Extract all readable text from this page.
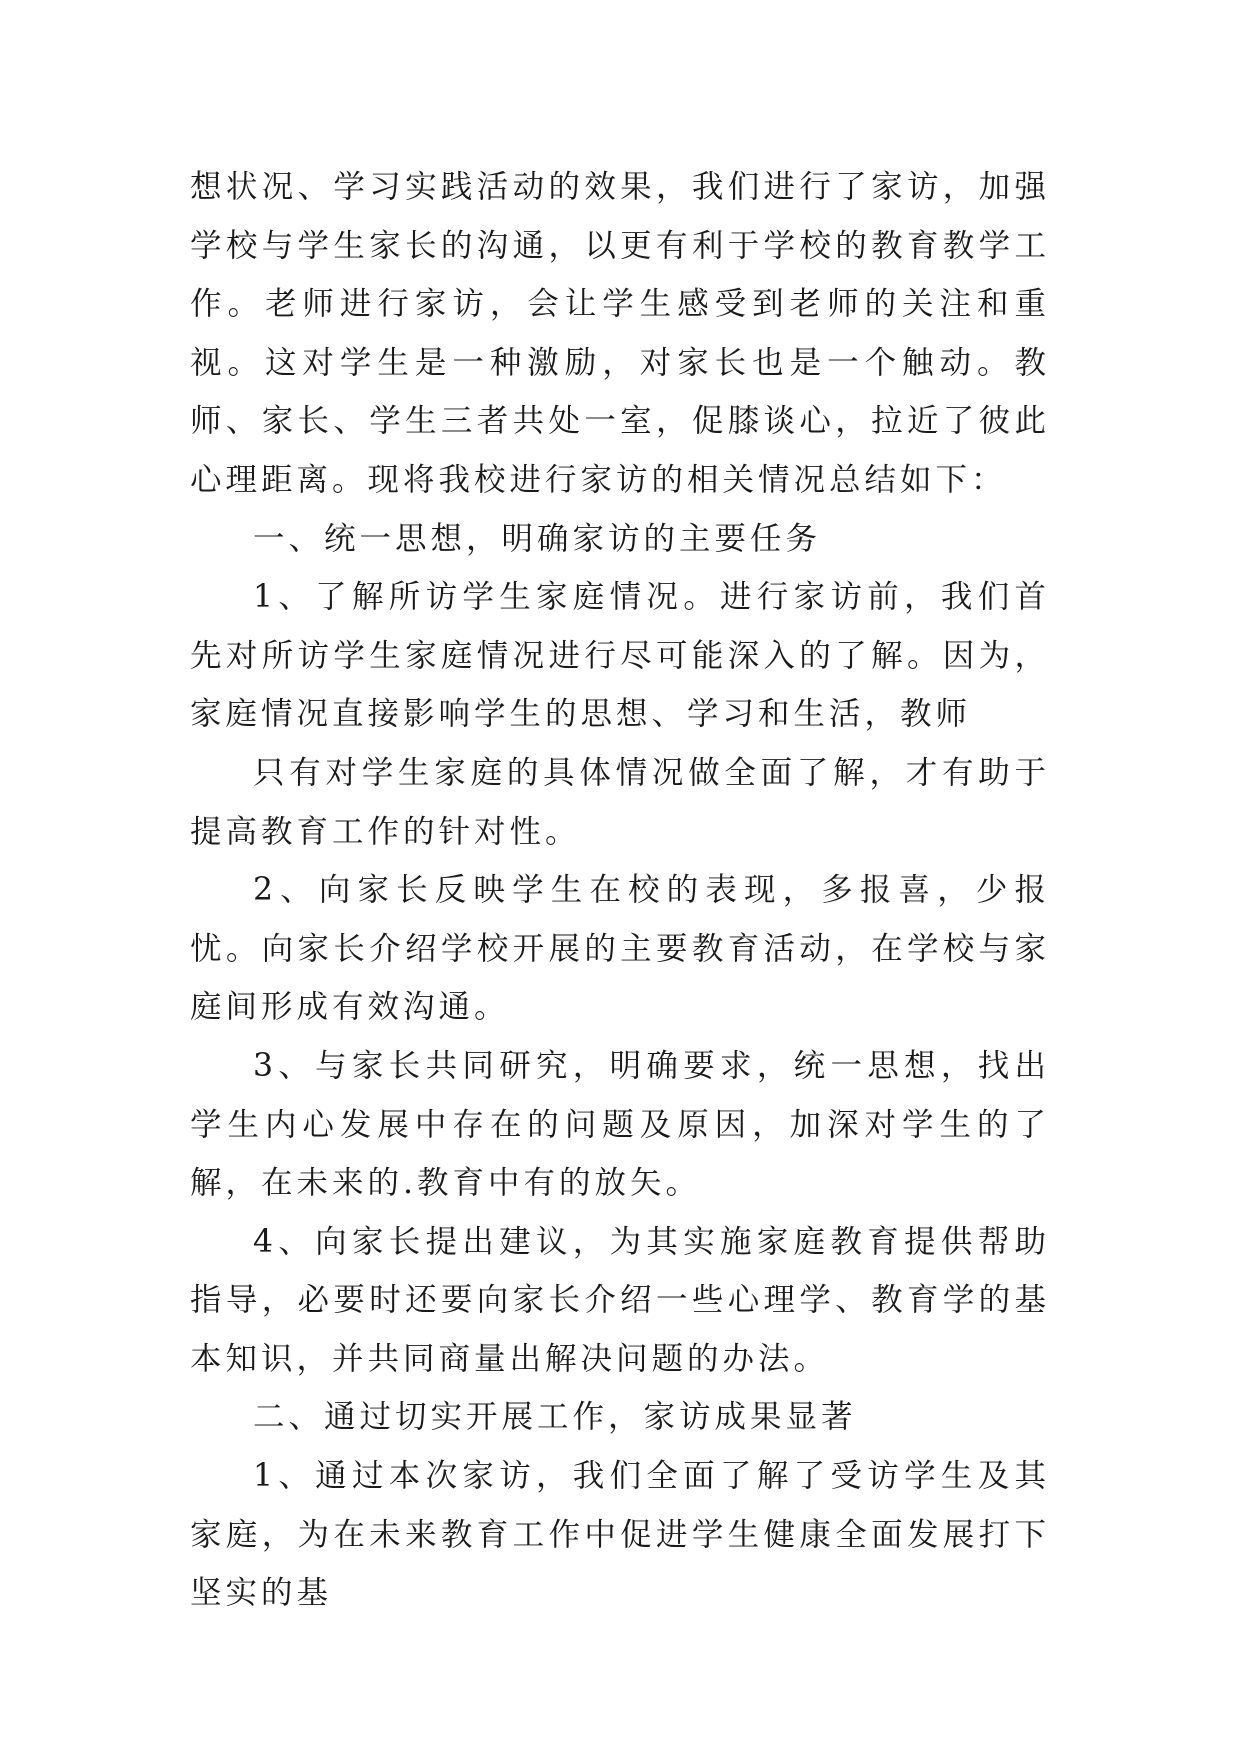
想状况、学习实践活动的效果，我们进行了家访，加强学校与学生家长的沟通，以更有利于学校的教育教学工作。老师进行家访，会让学生感受到老师的关注和重视。这对学生是一种激励，对家长也是一个触动。教师、家长、学生三者共处一室，促膝谈心，拉近了彼此心理距离。现将我校进行家访的相关情况总结如下：

一、统一思想，明确家访的主要任务

1、了解所访学生家庭情况。进行家访前，我们首先对所访学生家庭情况进行尽可能深入的了解。因为，家庭情况直接影响学生的思想、学习和生活，教师

只有对学生家庭的具体情况做全面了解，才有助于提高教育工作的针对性。

2、向家长反映学生在校的表现，多报喜，少报忧。向家长介绍学校开展的主要教育活动，在学校与家庭间形成有效沟通。

3、与家长共同研究，明确要求，统一思想，找出学生内心发展中存在的问题及原因，加深对学生的了解，在未来的.教育中有的放矢。

4、向家长提出建议，为其实施家庭教育提供帮助指导，必要时还要向家长介绍一些心理学、教育学的基本知识，并共同商量出解决问题的办法。

二、通过切实开展工作，家访成果显著

1、通过本次家访，我们全面了解了受访学生及其家庭，为在未来教育工作中促进学生健康全面发展打下坚实的基
